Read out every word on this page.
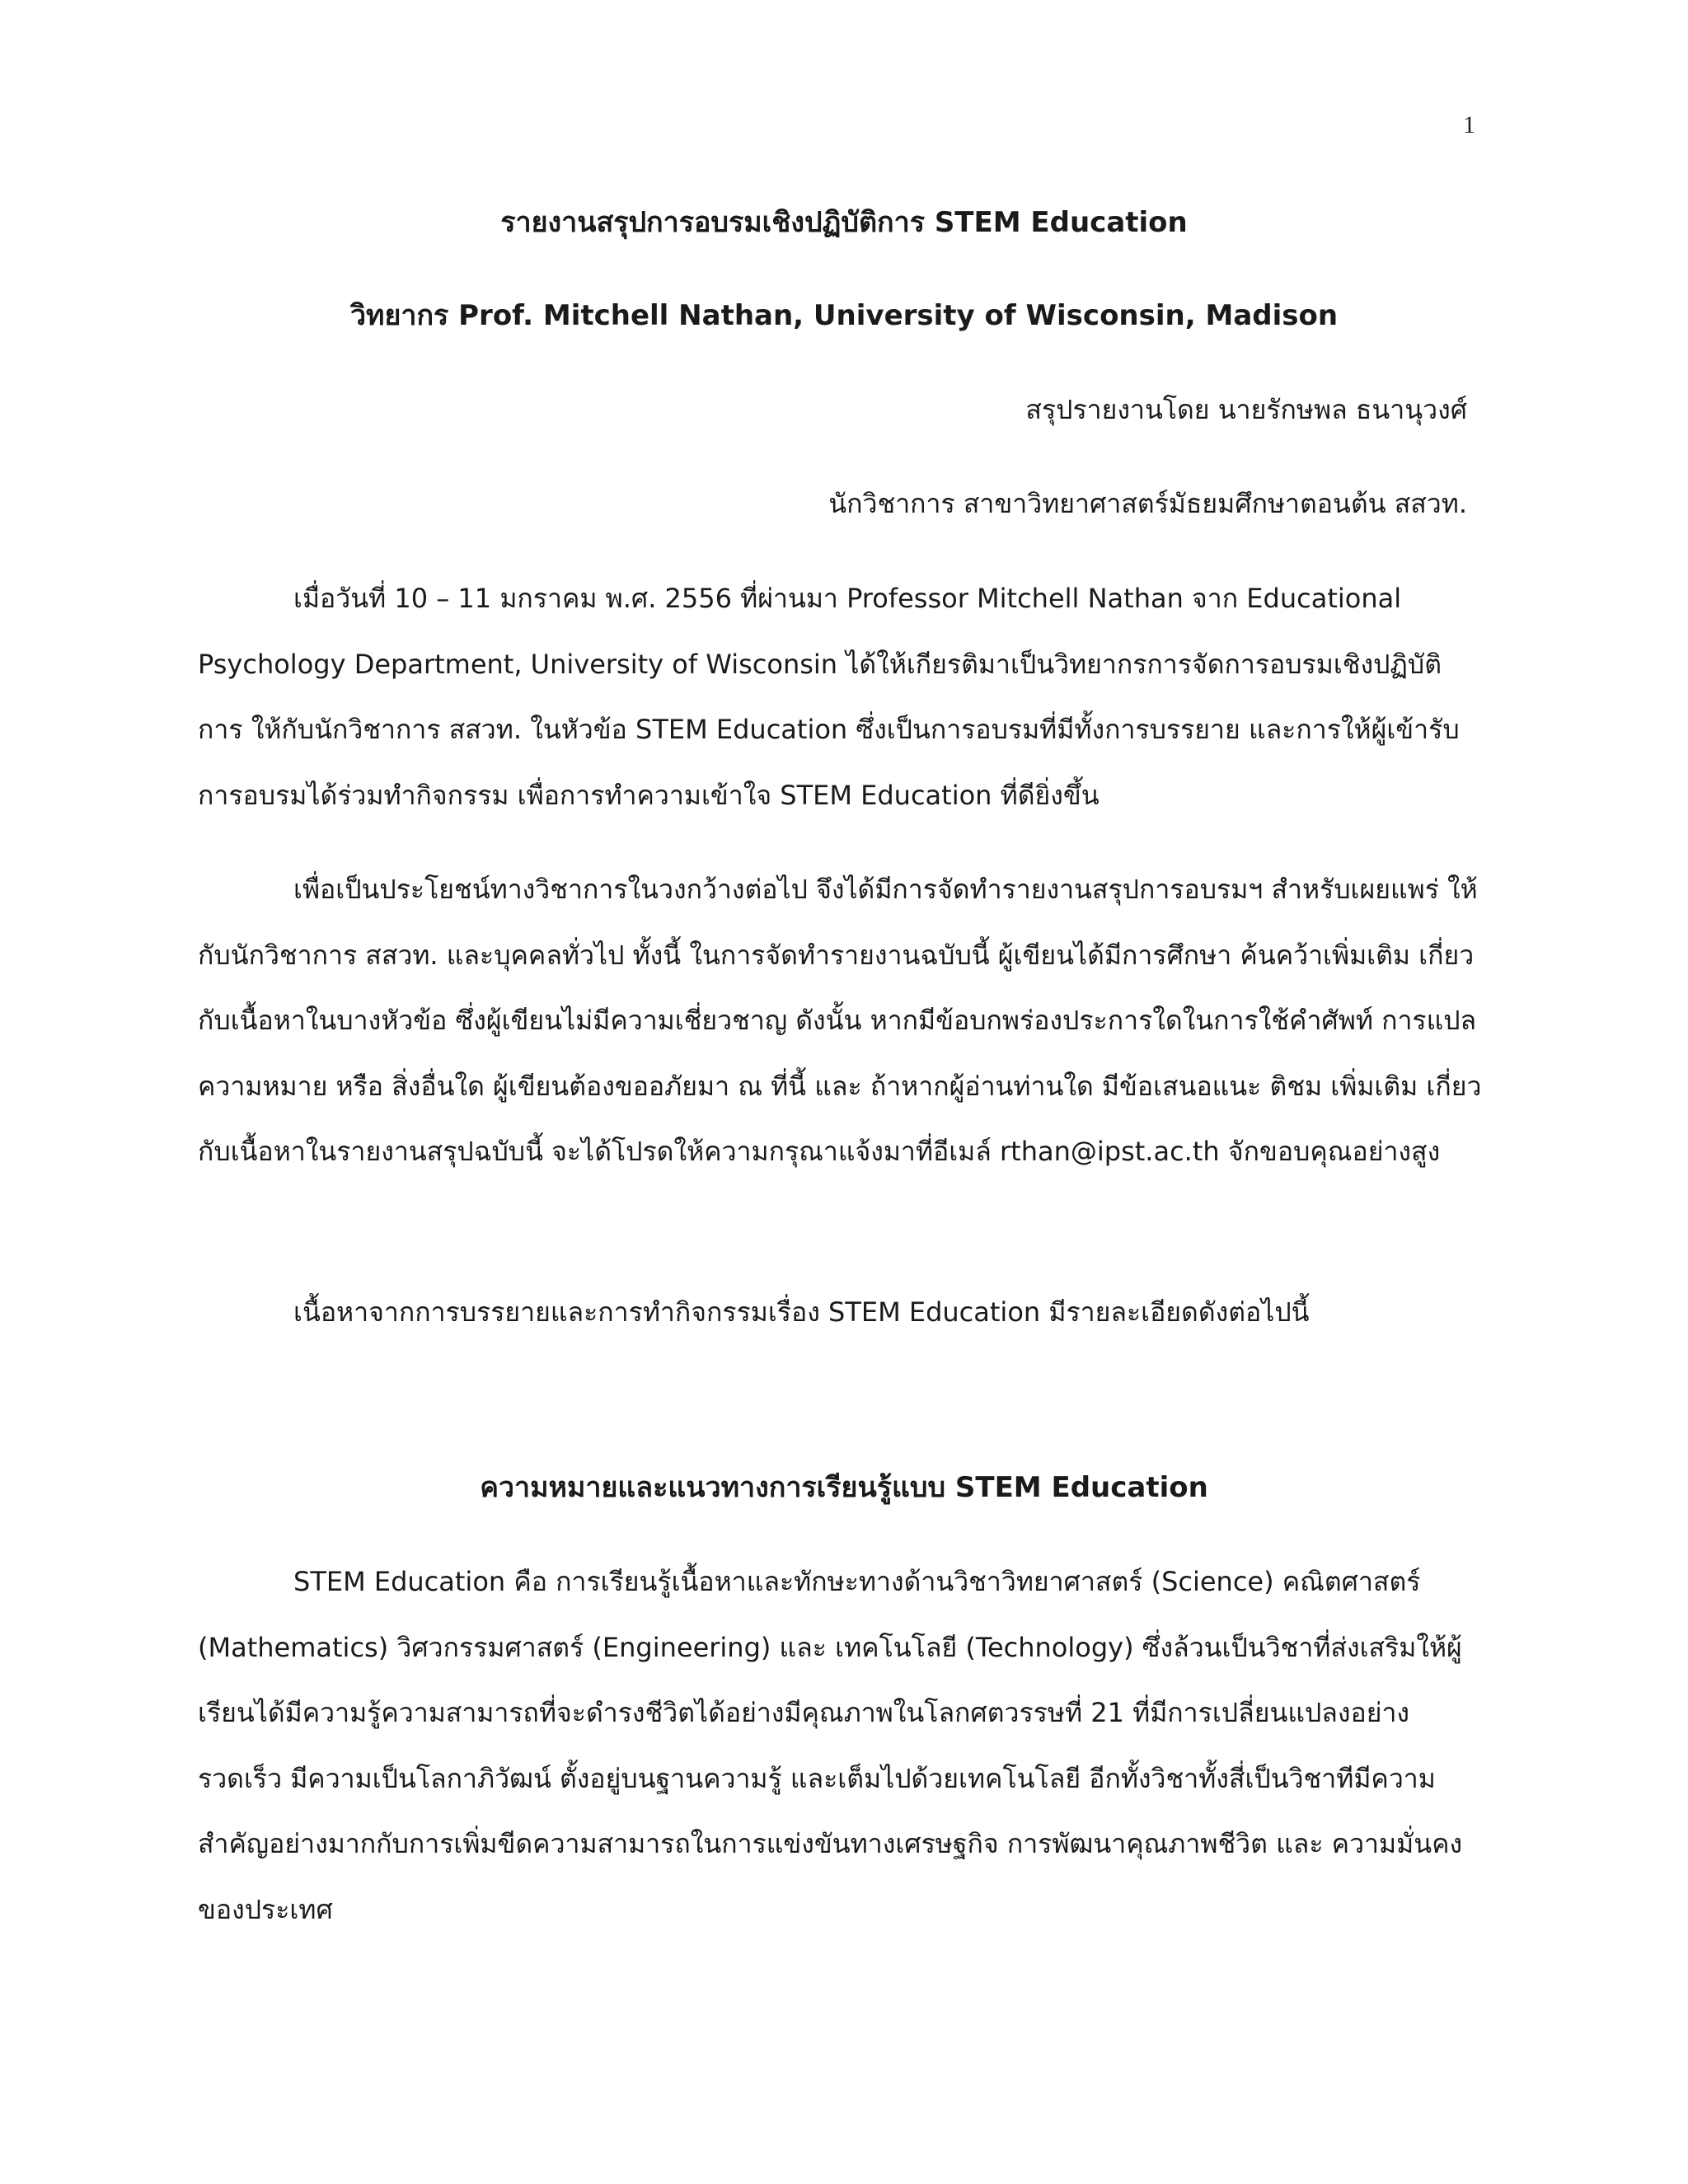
1
รายงานสรุปการอบรมเชิงปฏิบัติการ STEM Education
วิทยากร Prof. Mitchell Nathan, University of Wisconsin, Madison
สรุปรายงานโดย นายรักษพล ธนานุวงศ์
นักวิชาการ สาขาวิทยาศาสตร์มัธยมศึกษาตอนต้น สสวท.

เมื่อวันที่ 10 – 11 มกราคม พ.ศ. 2556 ที่ผ่านมา Professor Mitchell Nathan จาก Educational Psychology Department, University of Wisconsin ได้ให้เกียรติมาเป็นวิทยากรการจัดการอบรมเชิงปฏิบัติการ ให้กับนักวิชาการ สสวท. ในหัวข้อ STEM Education ซึ่งเป็นการอบรมที่มีทั้งการบรรยาย และการให้ผู้เข้ารับการอบรมได้ร่วมทำกิจกรรม เพื่อการทำความเข้าใจ STEM Education ที่ดียิ่งขึ้น

เพื่อเป็นประโยชน์ทางวิชาการในวงกว้างต่อไป จึงได้มีการจัดทำรายงานสรุปการอบรมฯ สำหรับเผยแพร่ ให้กับนักวิชาการ สสวท. และบุคคลทั่วไป ทั้งนี้ ในการจัดทำรายงานฉบับนี้ ผู้เขียนได้มีการศึกษา ค้นคว้าเพิ่มเติม เกี่ยวกับเนื้อหาในบางหัวข้อ ซึ่งผู้เขียนไม่มีความเชี่ยวชาญ ดังนั้น หากมีข้อบกพร่องประการใดในการใช้คำศัพท์ การแปลความหมาย หรือ สิ่งอื่นใด ผู้เขียนต้องขออภัยมา ณ ที่นี้ และ ถ้าหากผู้อ่านท่านใด มีข้อเสนอแนะ ติชม เพิ่มเติม เกี่ยวกับเนื้อหาในรายงานสรุปฉบับนี้ จะได้โปรดให้ความกรุณาแจ้งมาที่อีเมล์ rthan@ipst.ac.th จักขอบคุณอย่างสูง

เนื้อหาจากการบรรยายและการทำกิจกรรมเรื่อง STEM Education มีรายละเอียดดังต่อไปนี้

ความหมายและแนวทางการเรียนรู้แบบ STEM Education

STEM Education คือ การเรียนรู้เนื้อหาและทักษะทางด้านวิชาวิทยาศาสตร์ (Science) คณิตศาสตร์ (Mathematics) วิศวกรรมศาสตร์ (Engineering) และ เทคโนโลยี (Technology) ซึ่งล้วนเป็นวิชาที่ส่งเสริมให้ผู้เรียนได้มีความรู้ความสามารถที่จะดำรงชีวิตได้อย่างมีคุณภาพในโลกศตวรรษที่ 21 ที่มีการเปลี่ยนแปลงอย่างรวดเร็ว มีความเป็นโลกาภิวัฒน์ ตั้งอยู่บนฐานความรู้ และเต็มไปด้วยเทคโนโลยี อีกทั้งวิชาทั้งสี่เป็นวิชาทีมีความสำคัญอย่างมากกับการเพิ่มขีดความสามารถในการแข่งขันทางเศรษฐกิจ การพัฒนาคุณภาพชีวิต และ ความมั่นคงของประเทศ
